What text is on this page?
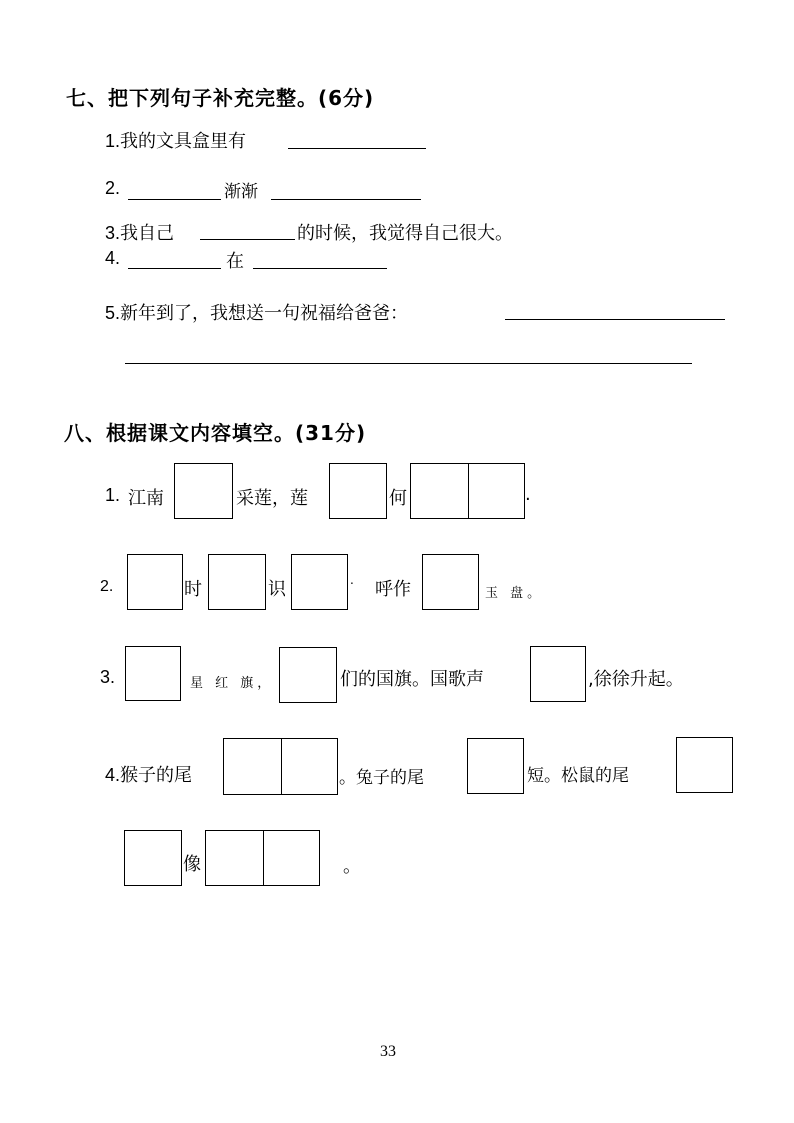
七、把下列句子补充完整。(6分)
1.我的文具盒里有
2.	渐渐
3.我自己	的时候，我觉得自己很大。
4.	在
5.新年到了，我想送一句祝福给爸爸：
八、根据课文内容填空。(31分)
1. 江南	采莲，莲	何	.
2.	时	识	. 呼作	玉 盘。
3.	星 红 旗，	们的国旗。国歌声	,徐徐升起。
4.猴子的尾	。兔子的尾	短。松鼠的尾
像	。
33
